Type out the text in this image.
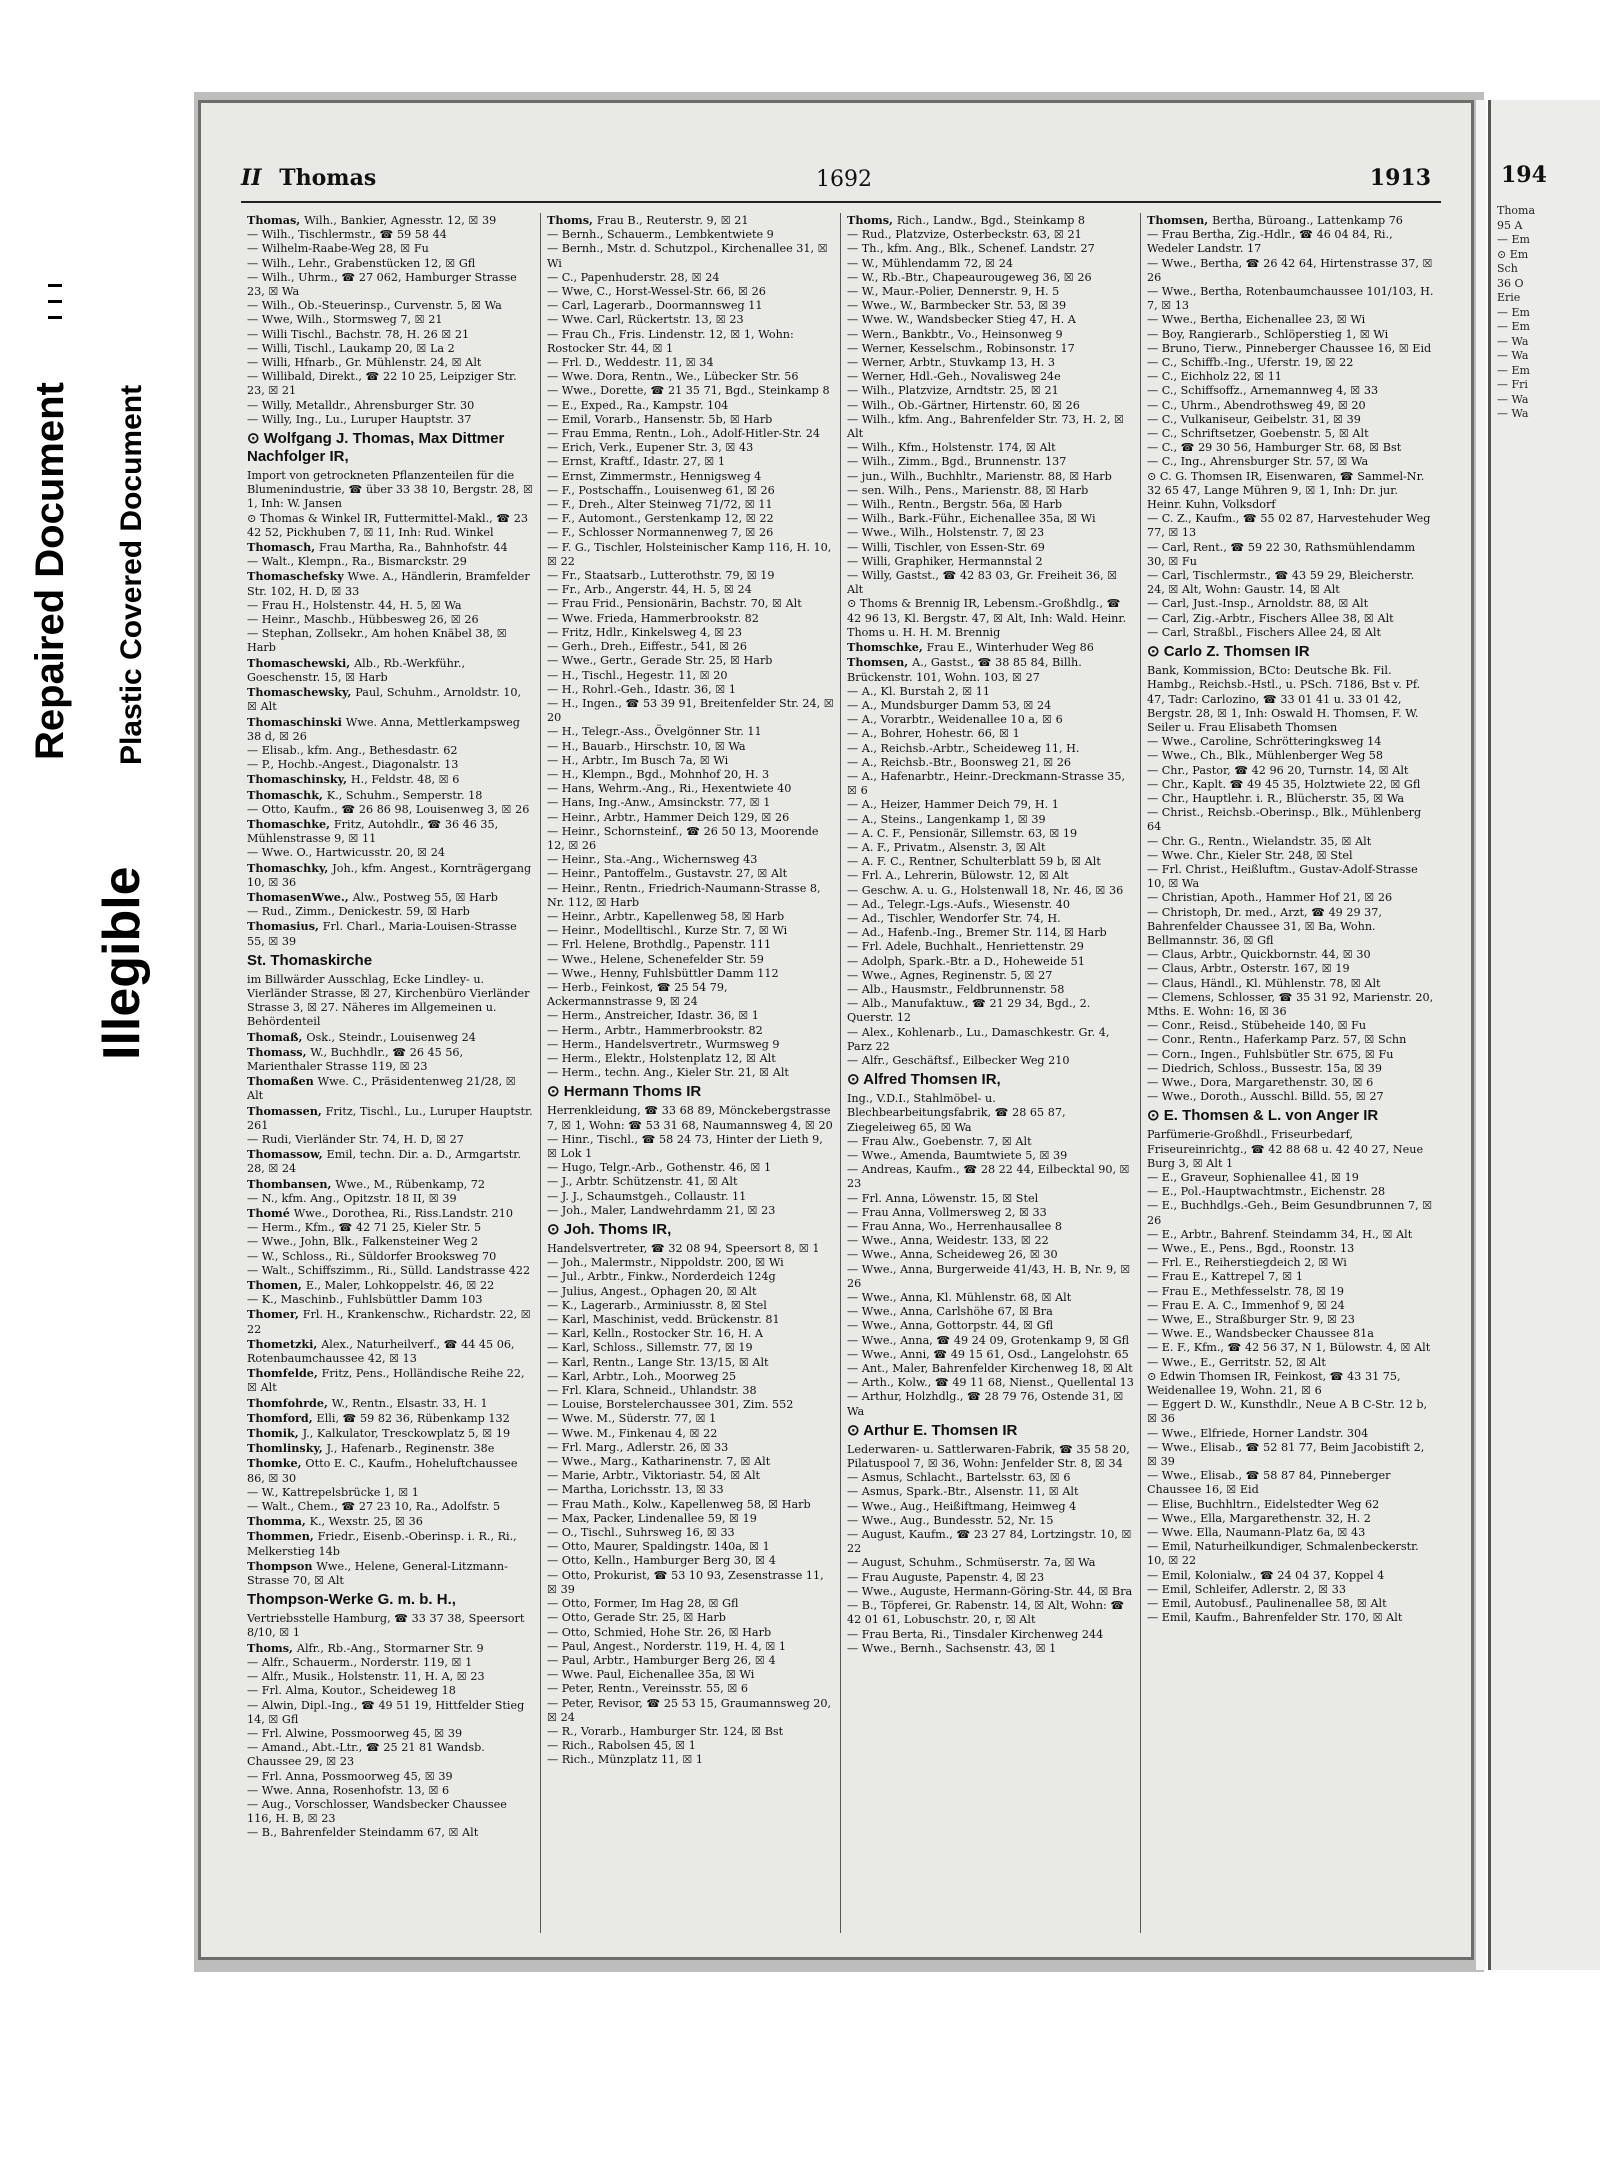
Repaired Document Plastic Covered Document
Illegible
II Thomas	1692	1913

Thomas, Wilh., Bankier, Agnesstr. 12, ☒ 39

— Wilh., Tischlermstr., ☎ 59 58 44

— Wilhelm-Raabe-Weg 28, ☒ Fu

— Wilh., Lehr., Grabenstücken 12, ☒ Gfl

— Wilh., Uhrm., ☎ 27 062, Hamburger Strasse 23, ☒ Wa

— Wilh., Ob.-Steuerinsp., Curvenstr. 5, ☒ Wa

— Wwe, Wilh., Stormsweg 7, ☒ 21

— Willi Tischl., Bachstr. 78, H. 26 ☒ 21

— Willi, Tischl., Laukamp 20, ☒ La 2

— Willi, Hfnarb., Gr. Mühlenstr. 24, ☒ Alt

— Willibald, Direkt., ☎ 22 10 25, Leipziger Str. 23, ☒ 21

— Willy, Metalldr., Ahrensburger Str. 30

— Willy, Ing., Lu., Luruper Hauptstr. 37

⊙ Wolfgang J. Thomas, Max Dittmer Nachfolger IR,

Import von getrockneten Pflanzenteilen für die Blumenindustrie, ☎ über 33 38 10, Bergstr. 28, ☒ 1, Inh: W. Jansen

⊙ Thomas & Winkel IR, Futtermittel-Makl., ☎ 23 42 52, Pickhuben 7, ☒ 11, Inh: Rud. Winkel

Thomasch, Frau Martha, Ra., Bahnhofstr. 44

— Walt., Klempn., Ra., Bismarckstr. 29

Thomaschefsky Wwe. A., Händlerin, Bramfelder Str. 102, H. D, ☒ 33

— Frau H., Holstenstr. 44, H. 5, ☒ Wa

— Heinr., Maschb., Hübbesweg 26, ☒ 26

— Stephan, Zollsekr., Am hohen Knäbel 38, ☒ Harb

Thomaschewski, Alb., Rb.-Werkführ., Goeschenstr. 15, ☒ Harb

Thomaschewsky, Paul, Schuhm., Arnoldstr. 10, ☒ Alt

Thomaschinski Wwe. Anna, Mettlerkampsweg 38 d, ☒ 26

— Elisab., kfm. Ang., Bethesdastr. 62

— P., Hochb.-Angest., Diagonalstr. 13

Thomaschinsky, H., Feldstr. 48, ☒ 6

Thomaschk, K., Schuhm., Semperstr. 18

— Otto, Kaufm., ☎ 26 86 98, Louisenweg 3, ☒ 26

Thomaschke, Fritz, Autohdlr., ☎ 36 46 35, Mühlenstrasse 9, ☒ 11

— Wwe. O., Hartwicusstr. 20, ☒ 24

Thomaschky, Joh., kfm. Angest., Kornträgergang 10, ☒ 36

ThomasenWwe., Alw., Postweg 55, ☒ Harb

— Rud., Zimm., Denickestr. 59, ☒ Harb

Thomasius, Frl. Charl., Maria-Louisen-Strasse 55, ☒ 39

St. Thomaskirche

im Billwärder Ausschlag, Ecke Lindley- u. Vierländer Strasse, ☒ 27, Kirchenbüro Vierländer Strasse 3, ☒ 27. Näheres im Allgemeinen u. Behördenteil

Thomaß, Osk., Steindr., Louisenweg 24

Thomass, W., Buchhdlr., ☎ 26 45 56, Marienthaler Strasse 119, ☒ 23

Thomaßen Wwe. C., Präsidentenweg 21/28, ☒ Alt

Thomassen, Fritz, Tischl., Lu., Luruper Hauptstr. 261

— Rudi, Vierländer Str. 74, H. D, ☒ 27

Thomassow, Emil, techn. Dir. a. D., Armgartstr. 28, ☒ 24

Thombansen, Wwe., M., Rübenkamp, 72

— N., kfm. Ang., Opitzstr. 18 II, ☒ 39

Thomé Wwe., Dorothea, Ri., Riss.Landstr. 210

— Herm., Kfm., ☎ 42 71 25, Kieler Str. 5

— Wwe., John, Blk., Falkensteiner Weg 2

— W., Schloss., Ri., Süldorfer Brooksweg 70

— Walt., Schiffszimm., Ri., Sülld. Landstrasse 422

Thomen, E., Maler, Lohkoppelstr. 46, ☒ 22

— K., Maschinb., Fuhlsbüttler Damm 103

Thomer, Frl. H., Krankenschw., Richardstr. 22, ☒ 22

Thometzki, Alex., Naturheilverf., ☎ 44 45 06, Rotenbaumchaussee 42, ☒ 13

Thomfelde, Fritz, Pens., Holländische Reihe 22, ☒ Alt

Thomfohrde, W., Rentn., Elsastr. 33, H. 1

Thomford, Elli, ☎ 59 82 36, Rübenkamp 132

Thomik, J., Kalkulator, Tresckowplatz 5, ☒ 19

Thomlinsky, J., Hafenarb., Reginenstr. 38e

Thomke, Otto E. C., Kaufm., Hoheluftchaussee 86, ☒ 30

— W., Kattrepelsbrücke 1, ☒ 1

— Walt., Chem., ☎ 27 23 10, Ra., Adolfstr. 5

Thomma, K., Wexstr. 25, ☒ 36

Thommen, Friedr., Eisenb.-Oberinsp. i. R., Ri., Melkerstieg 14b

Thompson Wwe., Helene, General-Litzmann-Strasse 70, ☒ Alt

Thompson-Werke G. m. b. H.,

Vertriebsstelle Hamburg, ☎ 33 37 38, Speersort 8/10, ☒ 1

Thoms, Alfr., Rb.-Ang., Stormarner Str. 9

— Alfr., Schauerm., Norderstr. 119, ☒ 1

— Alfr., Musik., Holstenstr. 11, H. A, ☒ 23

— Frl. Alma, Koutor., Scheideweg 18

— Alwin, Dipl.-Ing., ☎ 49 51 19, Hittfelder Stieg 14, ☒ Gfl

— Frl. Alwine, Possmoorweg 45, ☒ 39

— Amand., Abt.-Ltr., ☎ 25 21 81 Wandsb. Chaussee 29, ☒ 23

— Frl. Anna, Possmoorweg 45, ☒ 39

— Wwe. Anna, Rosenhofstr. 13, ☒ 6

— Aug., Vorschlosser, Wandsbecker Chaussee 116, H. B, ☒ 23

— B., Bahrenfelder Steindamm 67, ☒ Alt

Thoms, Frau B., Reuterstr. 9, ☒ 21

— Bernh., Schauerm., Lembkentwiete 9

— Bernh., Mstr. d. Schutzpol., Kirchenallee 31, ☒ Wi

— C., Papenhuderstr. 28, ☒ 24

— Wwe, C., Horst-Wessel-Str. 66, ☒ 26

— Carl, Lagerarb., Doormannsweg 11

— Wwe. Carl, Rückertstr. 13, ☒ 23

— Frau Ch., Fris. Lindenstr. 12, ☒ 1, Wohn: Rostocker Str. 44, ☒ 1

— Frl. D., Weddestr. 11, ☒ 34

— Wwe. Dora, Rentn., We., Lübecker Str. 56

— Wwe., Dorette, ☎ 21 35 71, Bgd., Steinkamp 8

— E., Exped., Ra., Kampstr. 104

— Emil, Vorarb., Hansenstr. 5b, ☒ Harb

— Frau Emma, Rentn., Loh., Adolf-Hitler-Str. 24

— Erich, Verk., Eupener Str. 3, ☒ 43

— Ernst, Kraftf., Idastr. 27, ☒ 1

— Ernst, Zimmermstr., Hennigsweg 4

— F., Postschaffn., Louisenweg 61, ☒ 26

— F., Dreh., Alter Steinweg 71/72, ☒ 11

— F., Automont., Gerstenkamp 12, ☒ 22

— F., Schlosser Normannenweg 7, ☒ 26

— F. G., Tischler, Holsteinischer Kamp 116, H. 10, ☒ 22

— Fr., Staatsarb., Lutterothstr. 79, ☒ 19

— Fr., Arb., Angerstr. 44, H. 5, ☒ 24

— Frau Frid., Pensionärin, Bachstr. 70, ☒ Alt

— Wwe. Frieda, Hammerbrookstr. 82

— Fritz, Hdlr., Kinkelsweg 4, ☒ 23

— Gerh., Dreh., Eiffestr., 541, ☒ 26

— Wwe., Gertr., Gerade Str. 25, ☒ Harb

— H., Tischl., Hegestr. 11, ☒ 20

— H., Rohrl.-Geh., Idastr. 36, ☒ 1

— H., Ingen., ☎ 53 39 91, Breitenfelder Str. 24, ☒ 20

— H., Telegr.-Ass., Övelgönner Str. 11

— H., Bauarb., Hirschstr. 10, ☒ Wa

— H., Arbtr., Im Busch 7a, ☒ Wi

— H., Klempn., Bgd., Mohnhof 20, H. 3

— Hans, Wehrm.-Ang., Ri., Hexentwiete 40

— Hans, Ing.-Anw., Amsinckstr. 77, ☒ 1

— Heinr., Arbtr., Hammer Deich 129, ☒ 26

— Heinr., Schornsteinf., ☎ 26 50 13, Moorende 12, ☒ 26

— Heinr., Sta.-Ang., Wichernsweg 43

— Heinr., Pantoffelm., Gustavstr. 27, ☒ Alt

— Heinr., Rentn., Friedrich-Naumann-Strasse 8, Nr. 112, ☒ Harb

— Heinr., Arbtr., Kapellenweg 58, ☒ Harb

— Heinr., Modelltischl., Kurze Str. 7, ☒ Wi

— Frl. Helene, Brothdlg., Papenstr. 111

— Wwe., Helene, Schenefelder Str. 59

— Wwe., Henny, Fuhlsbüttler Damm 112

— Herb., Feinkost, ☎ 25 54 79, Ackermannstrasse 9, ☒ 24

— Herm., Anstreicher, Idastr. 36, ☒ 1

— Herm., Arbtr., Hammerbrookstr. 82

— Herm., Handelsvertretr., Wurmsweg 9

— Herm., Elektr., Holstenplatz 12, ☒ Alt

— Herm., techn. Ang., Kieler Str. 21, ☒ Alt

⊙ Hermann Thoms IR

Herrenkleidung, ☎ 33 68 89, Mönckebergstrasse 7, ☒ 1, Wohn: ☎ 53 31 68, Naumannsweg 4, ☒ 20

— Hinr., Tischl., ☎ 58 24 73, Hinter der Lieth 9, ☒ Lok 1

— Hugo, Telgr.-Arb., Gothenstr. 46, ☒ 1

— J., Arbtr. Schützenstr. 41, ☒ Alt

— J. J., Schaumstgeh., Collaustr. 11

— Joh., Maler, Landwehrdamm 21, ☒ 23

⊙ Joh. Thoms IR,

Handelsvertreter, ☎ 32 08 94, Speersort 8, ☒ 1

— Joh., Malermstr., Nippoldstr. 200, ☒ Wi

— Jul., Arbtr., Finkw., Norderdeich 124g

— Julius, Angest., Ophagen 20, ☒ Alt

— K., Lagerarb., Arminiusstr. 8, ☒ Stel

— Karl, Maschinist, vedd. Brückenstr. 81

— Karl, Kelln., Rostocker Str. 16, H. A

— Karl, Schloss., Sillemstr. 77, ☒ 19

— Karl, Rentn., Lange Str. 13/15, ☒ Alt

— Karl, Arbtr., Loh., Moorweg 25

— Frl. Klara, Schneid., Uhlandstr. 38

— Louise, Borstelerchaussee 301, Zim. 552

— Wwe. M., Süderstr. 77, ☒ 1

— Wwe. M., Finkenau 4, ☒ 22

— Frl. Marg., Adlerstr. 26, ☒ 33

— Wwe., Marg., Katharinenstr. 7, ☒ Alt

— Marie, Arbtr., Viktoriastr. 54, ☒ Alt

— Martha, Lorichsstr. 13, ☒ 33

— Frau Math., Kolw., Kapellenweg 58, ☒ Harb

— Max, Packer, Lindenallee 59, ☒ 19

— O., Tischl., Suhrsweg 16, ☒ 33

— Otto, Maurer, Spaldingstr. 140a, ☒ 1

— Otto, Kelln., Hamburger Berg 30, ☒ 4

— Otto, Prokurist, ☎ 53 10 93, Zesenstrasse 11, ☒ 39

— Otto, Former, Im Hag 28, ☒ Gfl

— Otto, Gerade Str. 25, ☒ Harb

— Otto, Schmied, Hohe Str. 26, ☒ Harb

— Paul, Angest., Norderstr. 119, H. 4, ☒ 1

— Paul, Arbtr., Hamburger Berg 26, ☒ 4

— Wwe. Paul, Eichenallee 35a, ☒ Wi

— Peter, Rentn., Vereinsstr. 55, ☒ 6

— Peter, Revisor, ☎ 25 53 15, Graumannsweg 20, ☒ 24

— R., Vorarb., Hamburger Str. 124, ☒ Bst

— Rich., Rabolsen 45, ☒ 1

— Rich., Münzplatz 11, ☒ 1

Thoms, Rich., Landw., Bgd., Steinkamp 8

— Rud., Platzvize, Osterbeckstr. 63, ☒ 21

— Th., kfm. Ang., Blk., Schenef. Landstr. 27

— W., Mühlendamm 72, ☒ 24

— W., Rb.-Btr., Chapeaurougeweg 36, ☒ 26

— W., Maur.-Polier, Dennerstr. 9, H. 5

— Wwe., W., Barmbecker Str. 53, ☒ 39

— Wwe. W., Wandsbecker Stieg 47, H. A

— Wern., Bankbtr., Vo., Heinsonweg 9

— Werner, Kesselschm., Robinsonstr. 17

— Werner, Arbtr., Stuvkamp 13, H. 3

— Werner, Hdl.-Geh., Novalisweg 24e

— Wilh., Platzvize, Arndtstr. 25, ☒ 21

— Wilh., Ob.-Gärtner, Hirtenstr. 60, ☒ 26

— Wilh., kfm. Ang., Bahrenfelder Str. 73, H. 2, ☒ Alt

— Wilh., Kfm., Holstenstr. 174, ☒ Alt

— Wilh., Zimm., Bgd., Brunnenstr. 137

— jun., Wilh., Buchhltr., Marienstr. 88, ☒ Harb

— sen. Wilh., Pens., Marienstr. 88, ☒ Harb

— Wilh., Rentn., Bergstr. 56a, ☒ Harb

— Wilh., Bark.-Führ., Eichenallee 35a, ☒ Wi

— Wwe., Wilh., Holstenstr. 7, ☒ 23

— Willi, Tischler, von Essen-Str. 69

— Willi, Graphiker, Hermannstal 2

— Willy, Gastst., ☎ 42 83 03, Gr. Freiheit 36, ☒ Alt

⊙ Thoms & Brennig IR, Lebensm.-Großhdlg., ☎ 42 96 13, Kl. Bergstr. 47, ☒ Alt, Inh: Wald. Heinr. Thoms u. H. H. M. Brennig

Thomschke, Frau E., Winterhuder Weg 86

Thomsen, A., Gastst., ☎ 38 85 84, Billh. Brückenstr. 101, Wohn. 103, ☒ 27

— A., Kl. Burstah 2, ☒ 11

— A., Mundsburger Damm 53, ☒ 24

— A., Vorarbtr., Weidenallee 10 a, ☒ 6

— A., Bohrer, Hohestr. 66, ☒ 1

— A., Reichsb.-Arbtr., Scheideweg 11, H.

— A., Reichsb.-Btr., Boonsweg 21, ☒ 26

— A., Hafenarbtr., Heinr.-Dreckmann-Strasse 35, ☒ 6

— A., Heizer, Hammer Deich 79, H. 1

— A., Steins., Langenkamp 1, ☒ 39

— A. C. F., Pensionär, Sillemstr. 63, ☒ 19

— A. F., Privatm., Alsenstr. 3, ☒ Alt

— A. F. C., Rentner, Schulterblatt 59 b, ☒ Alt

— Frl. A., Lehrerin, Bülowstr. 12, ☒ Alt

— Geschw. A. u. G., Holstenwall 18, Nr. 46, ☒ 36

— Ad., Telegr.-Lgs.-Aufs., Wiesenstr. 40

— Ad., Tischler, Wendorfer Str. 74, H.

— Ad., Hafenb.-Ing., Bremer Str. 114, ☒ Harb

— Frl. Adele, Buchhalt., Henriettenstr. 29

— Adolph, Spark.-Btr. a D., Hoheweide 51

— Wwe., Agnes, Reginenstr. 5, ☒ 27

— Alb., Hausmstr., Feldbrunnenstr. 58

— Alb., Manufaktuw., ☎ 21 29 34, Bgd., 2. Querstr. 12

— Alex., Kohlenarb., Lu., Damaschkestr. Gr. 4, Parz 22

— Alfr., Geschäftsf., Eilbecker Weg 210

⊙ Alfred Thomsen IR,

Ing., V.D.I., Stahlmöbel- u. Blechbearbeitungsfabrik, ☎ 28 65 87, Ziegeleiweg 65, ☒ Wa

— Frau Alw., Goebenstr. 7, ☒ Alt

— Wwe., Amenda, Baumtwiete 5, ☒ 39

— Andreas, Kaufm., ☎ 28 22 44, Eilbecktal 90, ☒ 23

— Frl. Anna, Löwenstr. 15, ☒ Stel

— Frau Anna, Vollmersweg 2, ☒ 33

— Frau Anna, Wo., Herrenhausallee 8

— Wwe., Anna, Weidestr. 133, ☒ 22

— Wwe., Anna, Scheideweg 26, ☒ 30

— Wwe., Anna, Burgerweide 41/43, H. B, Nr. 9, ☒ 26

— Wwe., Anna, Kl. Mühlenstr. 68, ☒ Alt

— Wwe., Anna, Carlshöhe 67, ☒ Bra

— Wwe., Anna, Gottorpstr. 44, ☒ Gfl

— Wwe., Anna, ☎ 49 24 09, Grotenkamp 9, ☒ Gfl

— Wwe., Anni, ☎ 49 15 61, Osd., Langelohstr. 65

— Ant., Maler, Bahrenfelder Kirchenweg 18, ☒ Alt

— Arth., Kolw., ☎ 49 11 68, Nienst., Quellental 13

— Arthur, Holzhdlg., ☎ 28 79 76, Ostende 31, ☒ Wa

⊙ Arthur E. Thomsen IR

Lederwaren- u. Sattlerwaren-Fabrik, ☎ 35 58 20, Pilatuspool 7, ☒ 36, Wohn: Jenfelder Str. 8, ☒ 34

— Asmus, Schlacht., Bartelsstr. 63, ☒ 6

— Asmus, Spark.-Btr., Alsenstr. 11, ☒ Alt

— Wwe., Aug., Heißiftmang, Heimweg 4

— Wwe., Aug., Bundesstr. 52, Nr. 15

— August, Kaufm., ☎ 23 27 84, Lortzingstr. 10, ☒ 22

— August, Schuhm., Schmüserstr. 7a, ☒ Wa

— Frau Auguste, Papenstr. 4, ☒ 23

— Wwe., Auguste, Hermann-Göring-Str. 44, ☒ Bra

— B., Töpferei, Gr. Rabenstr. 14, ☒ Alt, Wohn: ☎ 42 01 61, Lobuschstr. 20, r, ☒ Alt

— Frau Berta, Ri., Tinsdaler Kirchenweg 244

— Wwe., Bernh., Sachsenstr. 43, ☒ 1

Thomsen, Bertha, Büroang., Lattenkamp 76

— Frau Bertha, Zig.-Hdlr., ☎ 46 04 84, Ri., Wedeler Landstr. 17

— Wwe., Bertha, ☎ 26 42 64, Hirtenstrasse 37, ☒ 26

— Wwe., Bertha, Rotenbaumchaussee 101/103, H. 7, ☒ 13

— Wwe., Bertha, Eichenallee 23, ☒ Wi

— Boy, Rangierarb., Schlöperstieg 1, ☒ Wi

— Bruno, Tierw., Pinneberger Chaussee 16, ☒ Eid

— C., Schiffb.-Ing., Uferstr. 19, ☒ 22

— C., Eichholz 22, ☒ 11

— C., Schiffsoffz., Arnemannweg 4, ☒ 33

— C., Uhrm., Abendrothsweg 49, ☒ 20

— C., Vulkaniseur, Geibelstr. 31, ☒ 39

— C., Schriftsetzer, Goebenstr. 5, ☒ Alt

— C., ☎ 29 30 56, Hamburger Str. 68, ☒ Bst

— C., Ing., Ahrensburger Str. 57, ☒ Wa

⊙ C. G. Thomsen IR, Eisenwaren, ☎ Sammel-Nr. 32 65 47, Lange Mühren 9, ☒ 1, Inh: Dr. jur. Heinr. Kuhn, Volksdorf

— C. Z., Kaufm., ☎ 55 02 87, Harvestehuder Weg 77, ☒ 13

— Carl, Rent., ☎ 59 22 30, Rathsmühlendamm 30, ☒ Fu

— Carl, Tischlermstr., ☎ 43 59 29, Bleicherstr. 24, ☒ Alt, Wohn: Gaustr. 14, ☒ Alt

— Carl, Just.-Insp., Arnoldstr. 88, ☒ Alt

— Carl, Zig.-Arbtr., Fischers Allee 38, ☒ Alt

— Carl, Straßbl., Fischers Allee 24, ☒ Alt

⊙ Carlo Z. Thomsen IR

Bank, Kommission, BCto: Deutsche Bk. Fil. Hambg., Reichsb.-Hstl., u. PSch. 7186, Bst v. Pf. 47, Tadr: Carlozino, ☎ 33 01 41 u. 33 01 42, Bergstr. 28, ☒ 1, Inh: Oswald H. Thomsen, F. W. Seiler u. Frau Elisabeth Thomsen

— Wwe., Caroline, Schrötteringksweg 14

— Wwe., Ch., Blk., Mühlenberger Weg 58

— Chr., Pastor, ☎ 42 96 20, Turnstr. 14, ☒ Alt

— Chr., Kaplt. ☎ 49 45 35, Holztwiete 22, ☒ Gfl

— Chr., Hauptlehr. i. R., Blücherstr. 35, ☒ Wa

— Christ., Reichsb.-Oberinsp., Blk., Mühlenberg 64

— Chr. G., Rentn., Wielandstr. 35, ☒ Alt

— Wwe. Chr., Kieler Str. 248, ☒ Stel

— Frl. Christ., Heißluftm., Gustav-Adolf-Strasse 10, ☒ Wa

— Christian, Apoth., Hammer Hof 21, ☒ 26

— Christoph, Dr. med., Arzt, ☎ 49 29 37, Bahrenfelder Chaussee 31, ☒ Ba, Wohn. Bellmannstr. 36, ☒ Gfl

— Claus, Arbtr., Quickbornstr. 44, ☒ 30

— Claus, Arbtr., Osterstr. 167, ☒ 19

— Claus, Händl., Kl. Mühlenstr. 78, ☒ Alt

— Clemens, Schlosser, ☎ 35 31 92, Marienstr. 20, Mths. E. Wohn: 16, ☒ 36

— Conr., Reisd., Stübeheide 140, ☒ Fu

— Conr., Rentn., Haferkamp Parz. 57, ☒ Schn

— Corn., Ingen., Fuhlsbütler Str. 675, ☒ Fu

— Diedrich, Schloss., Bussestr. 15a, ☒ 39

— Wwe., Dora, Margarethenstr. 30, ☒ 6

— Wwe., Doroth., Ausschl. Billd. 55, ☒ 27

⊙ E. Thomsen & L. von Anger IR

Parfümerie-Großhdl., Friseurbedarf, Friseureinrichtg., ☎ 42 88 68 u. 42 40 27, Neue Burg 3, ☒ Alt 1

— E., Graveur, Sophienallee 41, ☒ 19

— E., Pol.-Hauptwachtmstr., Eichenstr. 28

— E., Buchhdlgs.-Geh., Beim Gesundbrunnen 7, ☒ 26

— E., Arbtr., Bahrenf. Steindamm 34, H., ☒ Alt

— Wwe., E., Pens., Bgd., Roonstr. 13

— Frl. E., Reiherstiegdeich 2, ☒ Wi

— Frau E., Kattrepel 7, ☒ 1

— Frau E., Methfesselstr. 78, ☒ 19

— Frau E. A. C., Immenhof 9, ☒ 24

— Wwe, E., Straßburger Str. 9, ☒ 23

— Wwe. E., Wandsbecker Chaussee 81a

— E. F., Kfm., ☎ 42 56 37, N 1, Bülowstr. 4, ☒ Alt

— Wwe., E., Gerritstr. 52, ☒ Alt

⊙ Edwin Thomsen IR, Feinkost, ☎ 43 31 75, Weidenallee 19, Wohn. 21, ☒ 6

— Eggert D. W., Kunsthdlr., Neue A B C-Str. 12 b, ☒ 36

— Wwe., Elfriede, Horner Landstr. 304

— Wwe., Elisab., ☎ 52 81 77, Beim Jacobistift 2, ☒ 39

— Wwe., Elisab., ☎ 58 87 84, Pinneberger Chaussee 16, ☒ Eid

— Elise, Buchhltrn., Eidelstedter Weg 62

— Wwe., Ella, Margarethenstr. 32, H. 2

— Wwe. Ella, Naumann-Platz 6a, ☒ 43

— Emil, Naturheilkundiger, Schmalenbeckerstr. 10, ☒ 22

— Emil, Kolonialw., ☎ 24 04 37, Koppel 4

— Emil, Schleifer, Adlerstr. 2, ☒ 33

— Emil, Autobusf., Paulinenallee 58, ☒ Alt

— Emil, Kaufm., Bahrenfelder Str. 170, ☒ Alt

194
Thoma
95 A
— Em
⊙ Em
Sch
36 O
Erie
— Em
— Em
— Wa
— Wa
— Em
— Fri
— Wa
— Wa
